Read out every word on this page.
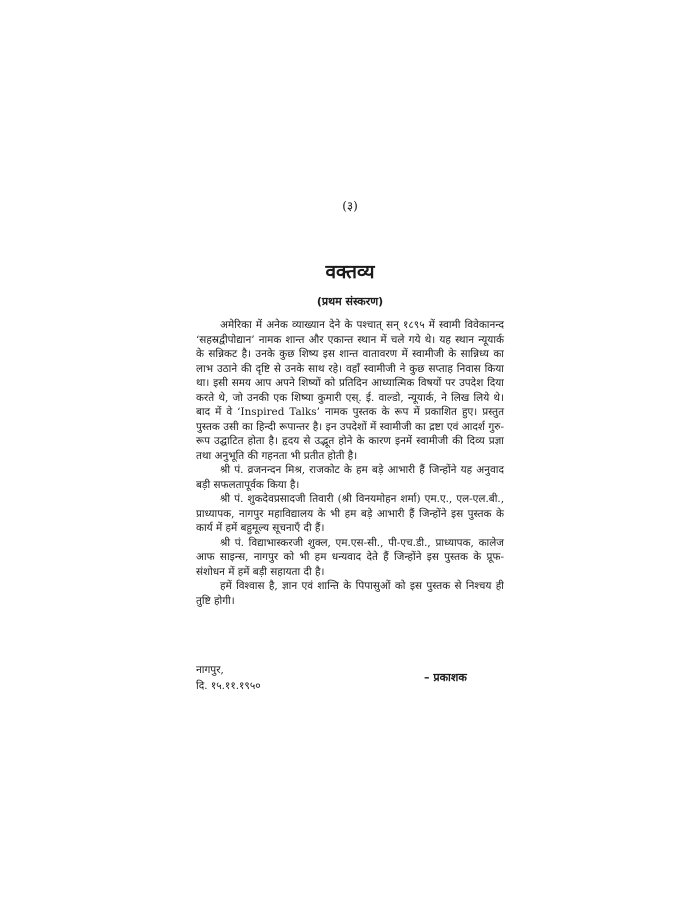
(३)
वक्तव्य
(प्रथम संस्करण)

अमेरिका में अनेक व्याख्यान देने के पश्चात् सन् १८९५ में स्वामी विवेकानन्द ‘सहस्रद्वीपोद्यान’ नामक शान्त और एकान्त स्थान में चले गये थे। यह स्थान न्यूयार्क के सन्निकट है। उनके कुछ शिष्य इस शान्त वातावरण में स्वामीजी के सान्निध्य का लाभ उठाने की दृष्टि से उनके साथ रहे। वहाँ स्वामीजी ने कुछ सप्ताह निवास किया था। इसी समय आप अपने शिष्यों को प्रतिदिन आध्यात्मिक विषयों पर उपदेश दिया करते थे, जो उनकी एक शिष्या कुमारी एस्. ई. वाल्डो, न्यूयार्क, ने लिख लिये थे। बाद में वे ‘Inspired Talks’ नामक पुस्तक के रूप में प्रकाशित हुए। प्रस्तुत पुस्तक उसी का हिन्दी रूपान्तर है। इन उपदेशों में स्वामीजी का द्रष्टा एवं आदर्श गुरु-रूप उद्घाटित होता है। हृदय से उद्भूत होने के कारण इनमें स्वामीजी की दिव्य प्रज्ञा तथा अनुभूति की गहनता भी प्रतीत होती है।

श्री पं. व्रजनन्दन मिश्र, राजकोट के हम बड़े आभारी हैं जिन्होंने यह अनुवाद बड़ी सफलतापूर्वक किया है।

श्री पं. शुकदेवप्रसादजी तिवारी (श्री विनयमोहन शर्मा) एम.ए., एल-एल.बी., प्राध्यापक, नागपुर महाविद्यालय के भी हम बड़े आभारी हैं जिन्होंने इस पुस्तक के कार्य में हमें बहुमूल्य सूचनाएँ दी हैं।

श्री पं. विद्याभास्करजी शुक्ल, एम.एस-सी., पी-एच.डी., प्राध्यापक, कालेज आफ साइन्स, नागपुर को भी हम धन्यवाद देते हैं जिन्होंने इस पुस्तक के प्रूफ-संशोधन में हमें बड़ी सहायता दी है।

हमें विश्वास है, ज्ञान एवं शान्ति के पिपासुओं को इस पुस्तक से निश्चय ही तुष्टि होगी।

नागपुर,
दि. १५.११.१९५०
– प्रकाशक
